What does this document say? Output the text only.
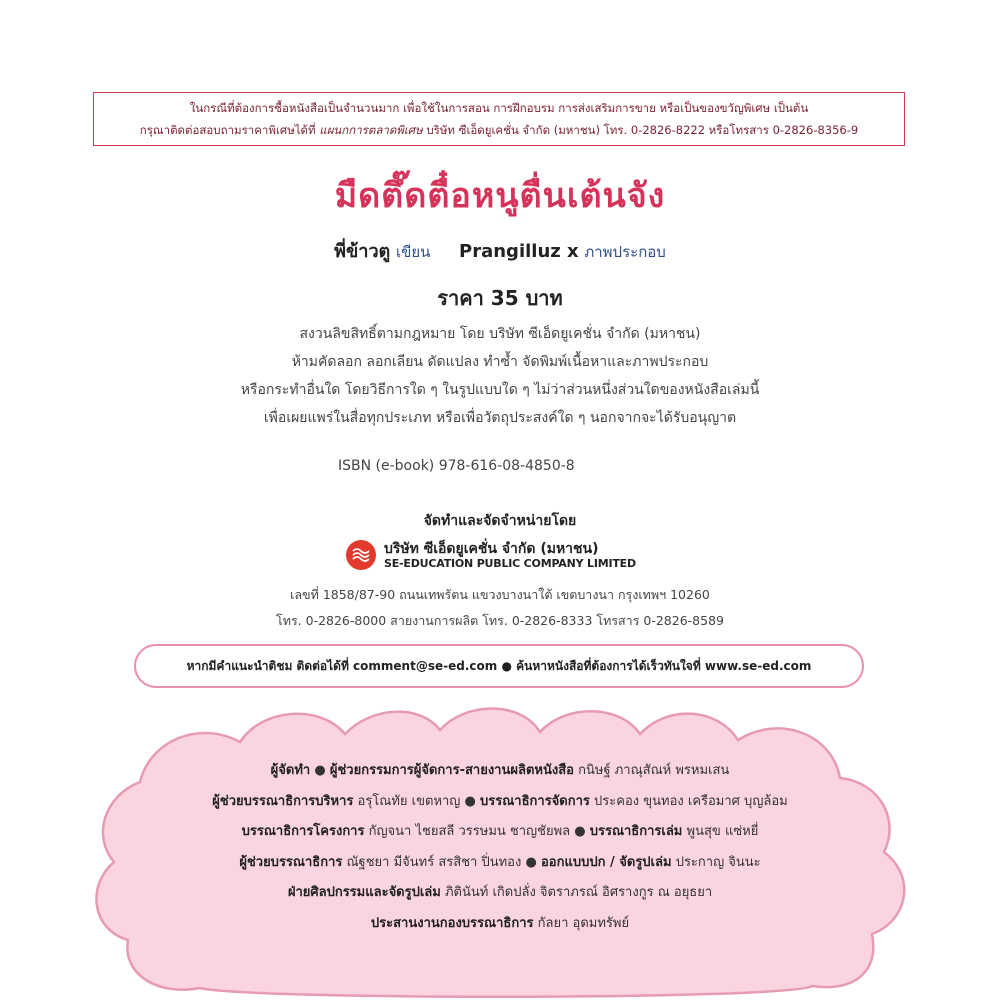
ในกรณีที่ต้องการซื้อหนังสือเป็นจำนวนมาก เพื่อใช้ในการสอน การฝึกอบรม การส่งเสริมการขาย หรือเป็นของขวัญพิเศษ เป็นต้น
กรุณาติดต่อสอบถามราคาพิเศษได้ที่ แผนกการตลาดพิเศษ บริษัท ซีเอ็ดยูเคชั่น จำกัด (มหาชน) โทร. 0-2826-8222 หรือโทรสาร 0-2826-8356-9
มืดตึ๊ดตื๋อหนูตื่นเต้นจัง
พี่ข้าวตู เขียน Prangilluz x ภาพประกอบ
ราคา 35 บาท
สงวนลิขสิทธิ์ตามกฎหมาย โดย บริษัท ซีเอ็ดยูเคชั่น จำกัด (มหาชน)
ห้ามคัดลอก ลอกเลียน ดัดแปลง ทำซ้ำ จัดพิมพ์เนื้อหาและภาพประกอบ
หรือกระทำอื่นใด โดยวิธีการใด ๆ ในรูปแบบใด ๆ ไม่ว่าส่วนหนึ่งส่วนใดของหนังสือเล่มนี้
เพื่อเผยแพร่ในสื่อทุกประเภท หรือเพื่อวัตถุประสงค์ใด ๆ นอกจากจะได้รับอนุญาต
ISBN (e-book) 978-616-08-4850-8
จัดทำและจัดจำหน่ายโดย
บริษัท ซีเอ็ดยูเคชั่น จำกัด (มหาชน)
SE-EDUCATION PUBLIC COMPANY LIMITED
เลขที่ 1858/87-90 ถนนเทพรัตน แขวงบางนาใต้ เขตบางนา กรุงเทพฯ 10260
โทร. 0-2826-8000 สายงานการผลิต โทร. 0-2826-8333 โทรสาร 0-2826-8589
หากมีคำแนะนำติชม ติดต่อได้ที่ comment@se-ed.com
●
ค้นหาหนังสือที่ต้องการได้เร็วทันใจที่ www.se-ed.com
ผู้จัดทำ ● ผู้ช่วยกรรมการผู้จัดการ-สายงานผลิตหนังสือ กนิษฐ์ ภาณุสัณห์ พรหมเสน
ผู้ช่วยบรรณาธิการบริหาร อรุโณทัย เขตหาญ ● บรรณาธิการจัดการ ประคอง ขุนทอง เครือมาศ บุญล้อม
บรรณาธิการโครงการ กัญจนา ไชยสลี วรรษมน ชาญชัยพล ● บรรณาธิการเล่ม พูนสุข แซ่หยี่
ผู้ช่วยบรรณาธิการ ณัฐชยา มีจันทร์ สรสิชา ปิ่นทอง ● ออกแบบปก / จัดรูปเล่ม ประกาญ จินนะ
ฝ่ายศิลปกรรมและจัดรูปเล่ม ภิตินันท์ เกิดปลั่ง จิตราภรณ์ อิศรางกูร ณ อยุธยา
ประสานงานกองบรรณาธิการ กัลยา อุดมทรัพย์
